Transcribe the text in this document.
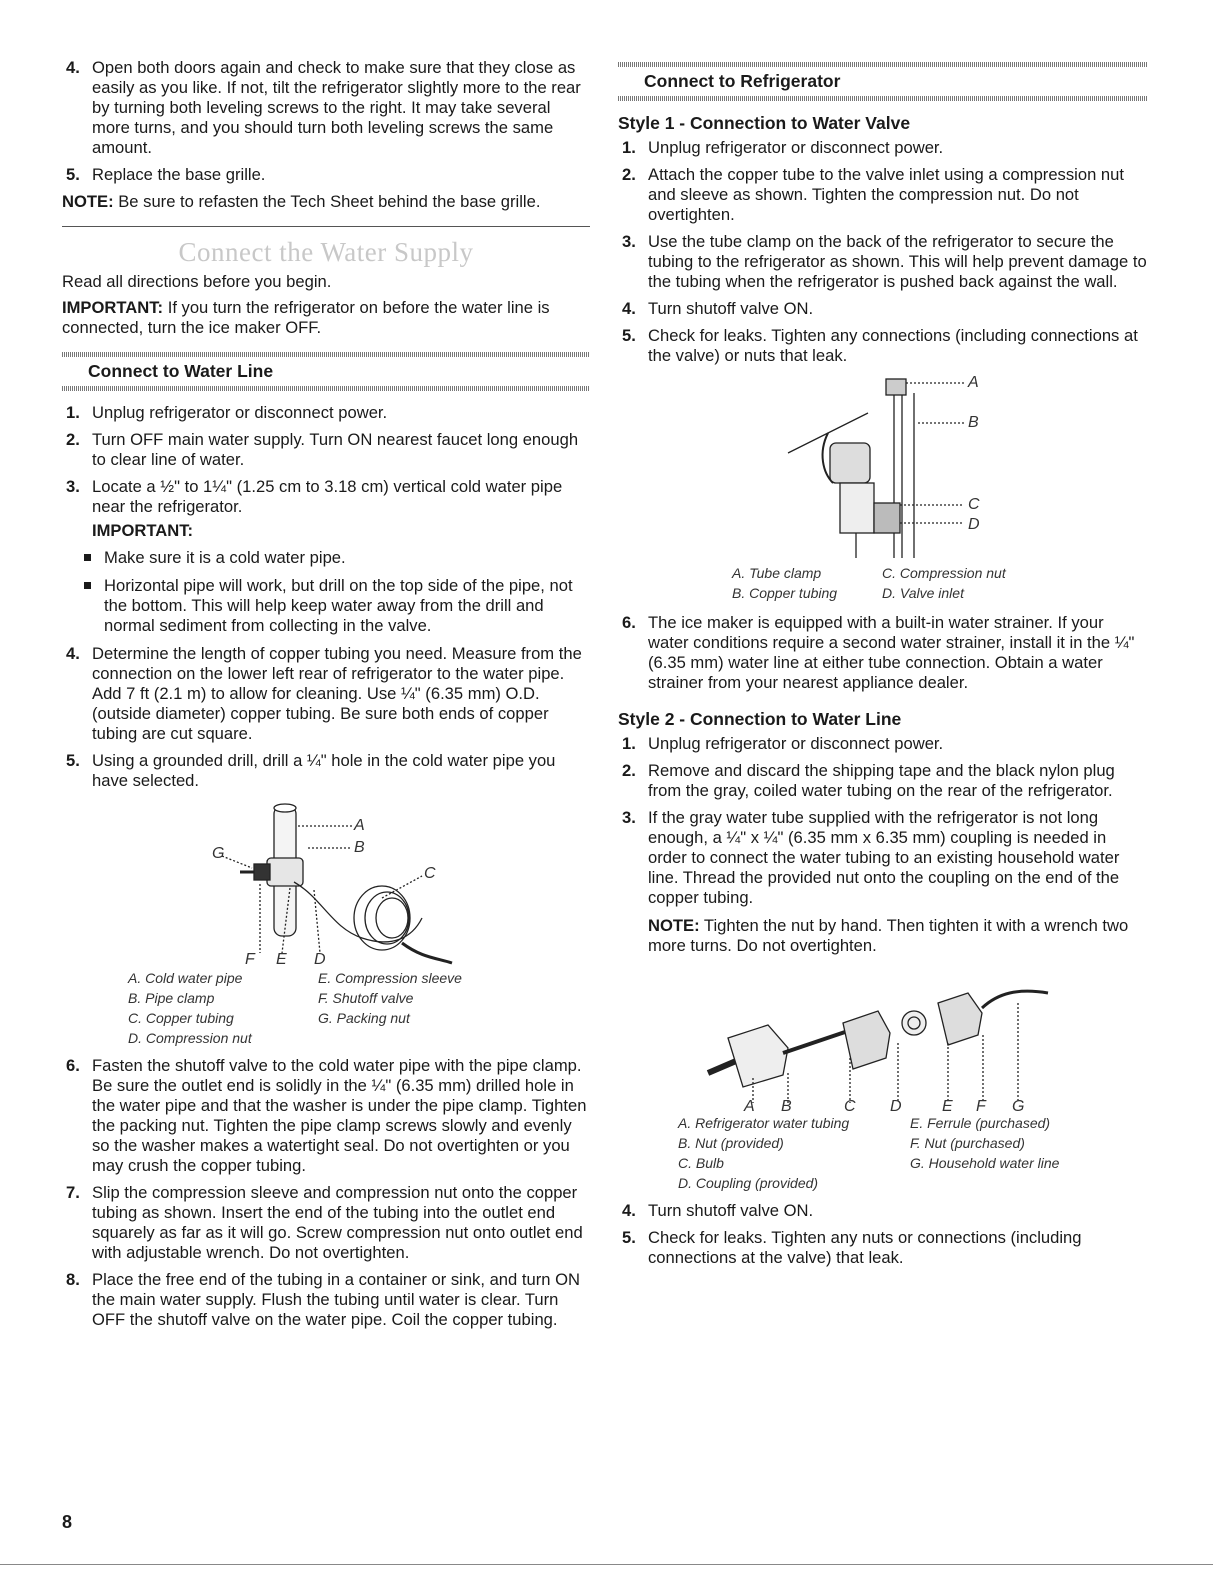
4. Open both doors again and check to make sure that they close as easily as you like. If not, tilt the refrigerator slightly more to the rear by turning both leveling screws to the right. It may take several more turns, and you should turn both leveling screws the same amount.
5. Replace the base grille.

NOTE: Be sure to refasten the Tech Sheet behind the base grille.

Connect the Water Supply

Read all directions before you begin.

IMPORTANT: If you turn the refrigerator on before the water line is connected, turn the ice maker OFF.

Connect to Water Line
1. Unplug refrigerator or disconnect power.
2. Turn OFF main water supply. Turn ON nearest faucet long enough to clear line of water.
3. Locate a ½" to 1¼" (1.25 cm to 3.18 cm) vertical cold water pipe near the refrigerator.
IMPORTANT:
Make sure it is a cold water pipe.
Horizontal pipe will work, but drill on the top side of the pipe, not the bottom. This will help keep water away from the drill and normal sediment from collecting in the valve.
4. Determine the length of copper tubing you need. Measure from the connection on the lower left rear of refrigerator to the water pipe. Add 7 ft (2.1 m) to allow for cleaning. Use ¼" (6.35 mm) O.D. (outside diameter) copper tubing. Be sure both ends of copper tubing are cut square.
5. Using a grounded drill, drill a ¼" hole in the cold water pipe you have selected.
A
B
C
G
F E D
A. Cold water pipe	E. Compression sleeve
B. Pipe clamp	F. Shutoff valve
C. Copper tubing	G. Packing nut
D. Compression nut
6. Fasten the shutoff valve to the cold water pipe with the pipe clamp. Be sure the outlet end is solidly in the ¼" (6.35 mm) drilled hole in the water pipe and that the washer is under the pipe clamp. Tighten the packing nut. Tighten the pipe clamp screws slowly and evenly so the washer makes a watertight seal. Do not overtighten or you may crush the copper tubing.
7. Slip the compression sleeve and compression nut onto the copper tubing as shown. Insert the end of the tubing into the outlet end squarely as far as it will go. Screw compression nut onto outlet end with adjustable wrench. Do not overtighten.
8. Place the free end of the tubing in a container or sink, and turn ON the main water supply. Flush the tubing until water is clear. Turn OFF the shutoff valve on the water pipe. Coil the copper tubing.
Connect to Refrigerator
Style 1 - Connection to Water Valve
1. Unplug refrigerator or disconnect power.
2. Attach the copper tube to the valve inlet using a compression nut and sleeve as shown. Tighten the compression nut. Do not overtighten.
3. Use the tube clamp on the back of the refrigerator to secure the tubing to the refrigerator as shown. This will help prevent damage to the tubing when the refrigerator is pushed back against the wall.
4. Turn shutoff valve ON.
5. Check for leaks. Tighten any connections (including connections at the valve) or nuts that leak.
A
B
C
D
A. Tube clamp	C. Compression nut
B. Copper tubing	D. Valve inlet
6. The ice maker is equipped with a built-in water strainer. If your water conditions require a second water strainer, install it in the ¼" (6.35 mm) water line at either tube connection. Obtain a water strainer from your nearest appliance dealer.
Style 2 - Connection to Water Line
1. Unplug refrigerator or disconnect power.
2. Remove and discard the shipping tape and the black nylon plug from the gray, coiled water tubing on the rear of the refrigerator.
3. If the gray water tube supplied with the refrigerator is not long enough, a ¼" x ¼" (6.35 mm x 6.35 mm) coupling is needed in order to connect the water tubing to an existing household water line. Thread the provided nut onto the coupling on the end of the copper tubing.
NOTE: Tighten the nut by hand. Then tighten it with a wrench two more turns. Do not overtighten.
A B	C D	E F G
A. Refrigerator water tubing	E. Ferrule (purchased)
B. Nut (provided)	F. Nut (purchased)
C. Bulb	G. Household water line
D. Coupling (provided)
4. Turn shutoff valve ON.
5. Check for leaks. Tighten any nuts or connections (including connections at the valve) that leak.
8
